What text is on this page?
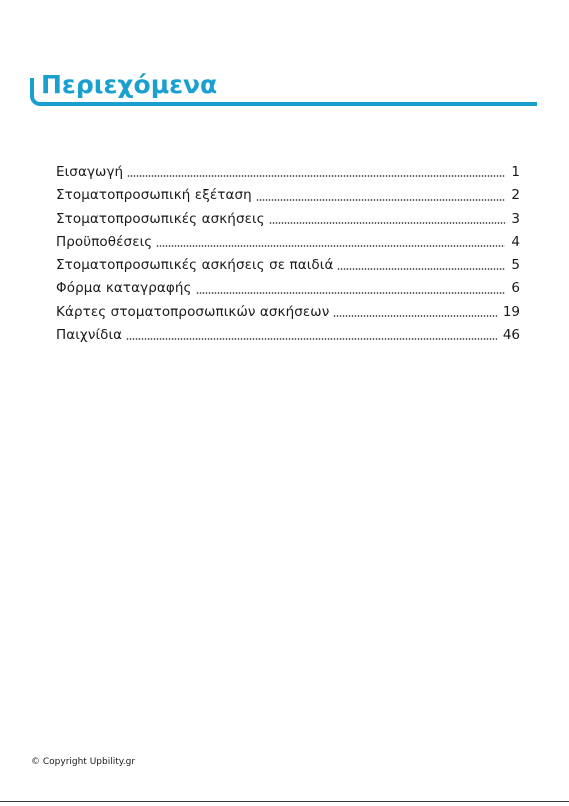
Περιεχόμενα
Εισαγωγή	1
Στοματοπροσωπική εξέταση	2
Στοματοπροσωπικές ασκήσεις	3
Προϋποθέσεις	4
Στοματοπροσωπικές ασκήσεις σε παιδιά	5
Φόρμα καταγραφής	6
Κάρτες στοματοπροσωπικών ασκήσεων	19
Παιχνίδια	46
© Copyright Upbility.gr
